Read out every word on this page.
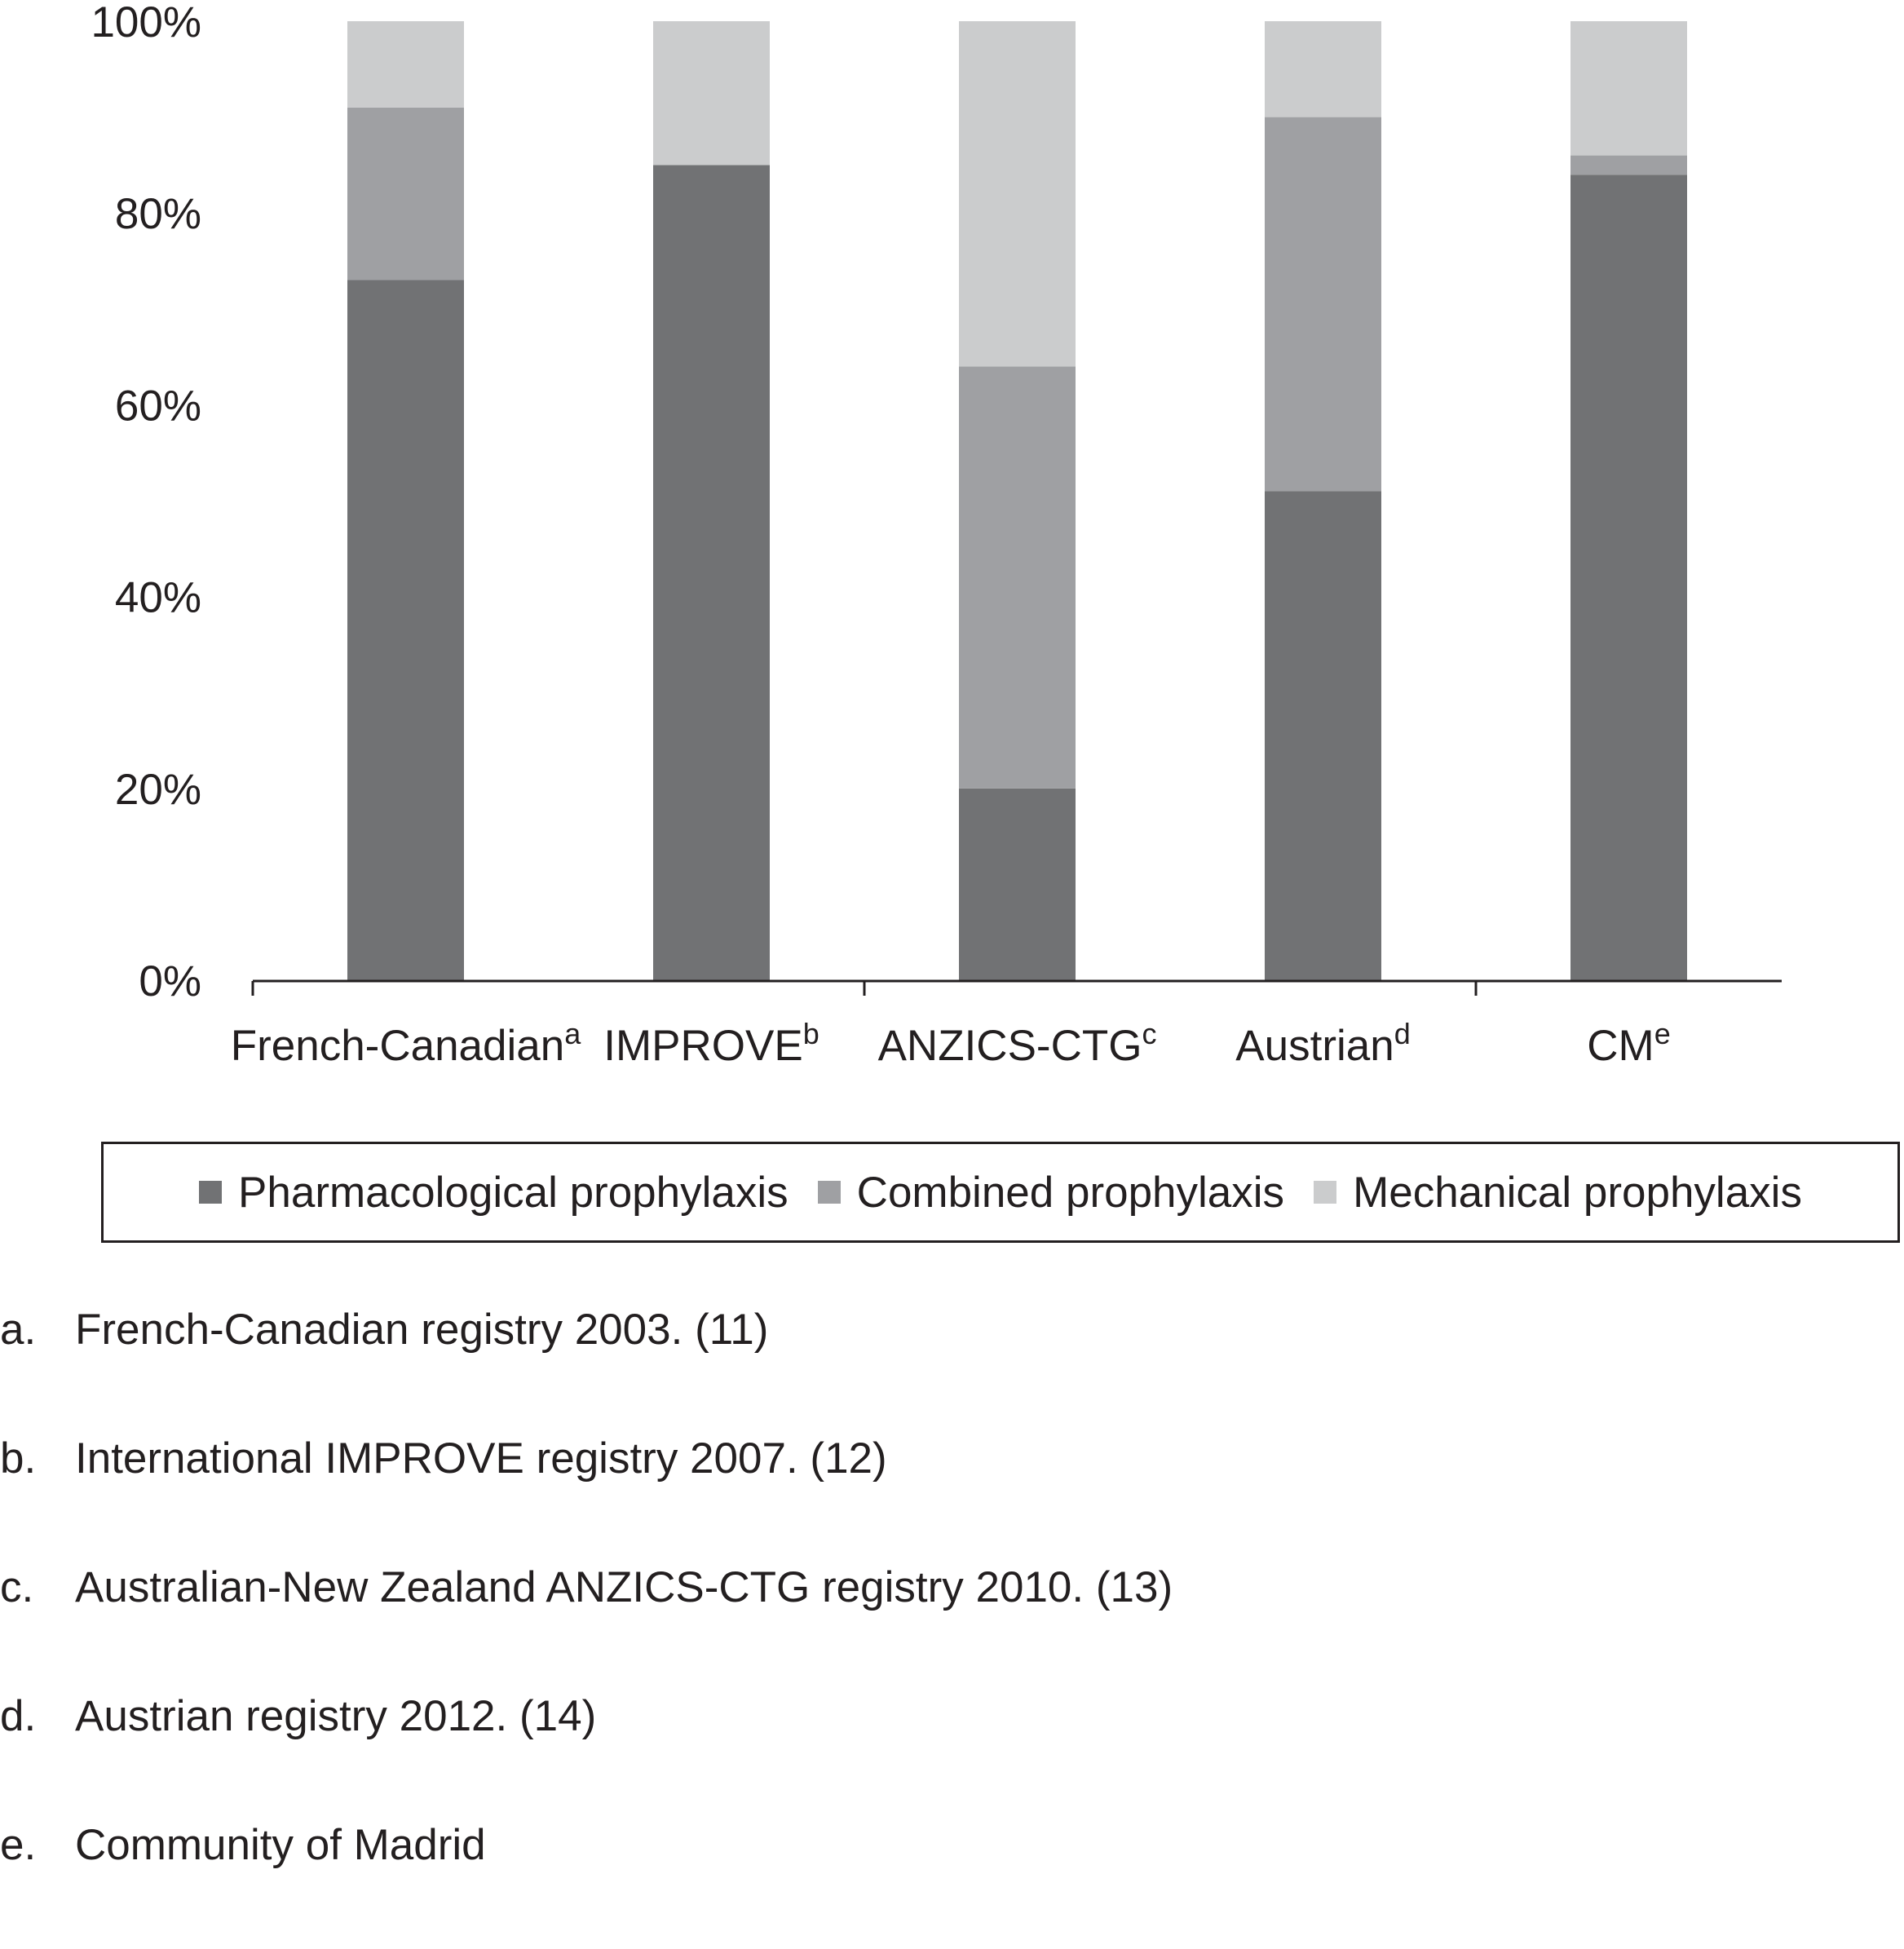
0%
20%
40%
60%
80%
100%
French-Canadian$^a$ IMPROVE$^b$ ANZICS-CTG$^c$ Austrian$^d$	CMe
Pharmacological prophylaxis Combined prophylaxis Mechanical prophylaxis
a. French-Canadian registry 2003. (11)
b. International IMPROVE registry 2007. (12)
c. Australian-New Zealand ANZICS-CTG registry 2010. (13)
d. Austrian registry 2012. (14)
e. Community of Madrid
